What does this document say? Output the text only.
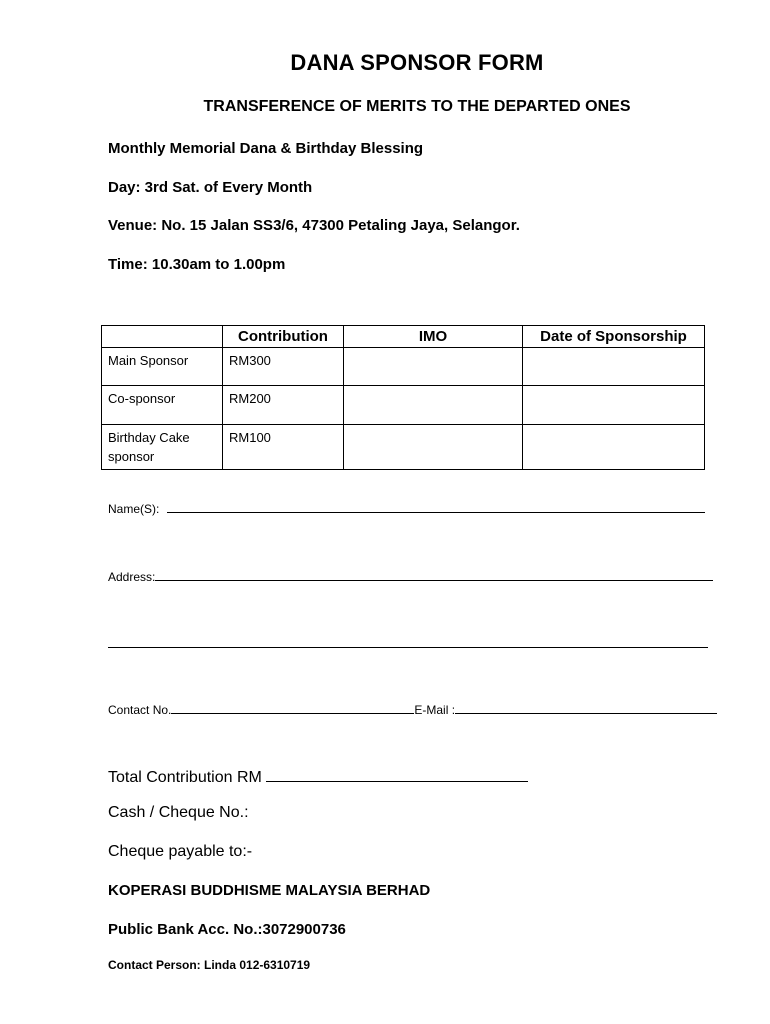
DANA SPONSOR FORM
TRANSFERENCE OF MERITS TO THE DEPARTED ONES
Monthly Memorial Dana & Birthday Blessing
Day: 3rd Sat. of Every Month
Venue: No. 15 Jalan SS3/6, 47300 Petaling Jaya, Selangor.
Time: 10.30am to 1.00pm
	Contribution	IMO	Date of Sponsorship
Main Sponsor	RM300		
Co-sponsor	RM200		
Birthday Cake sponsor	RM100		
Name(S):
Address:
Contact No.	E-Mail :
Total Contribution RM
Cash / Cheque No.:
Cheque payable to:-
KOPERASI BUDDHISME MALAYSIA BERHAD
Public Bank Acc. No.:3072900736
Contact Person: Linda 012-6310719
